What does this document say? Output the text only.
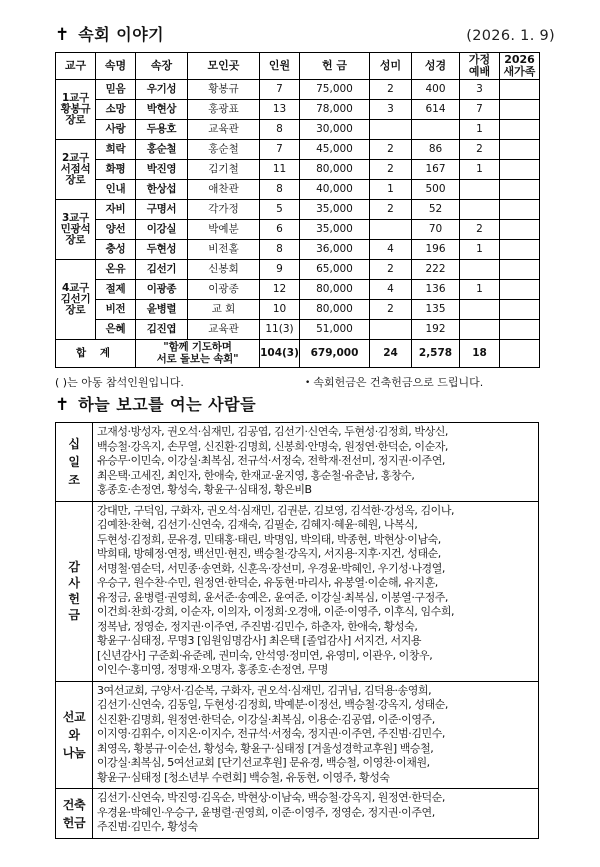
✝ 속회 이야기	(2026. 1. 9)
교구	속명	속장	모인곳	인원	헌 금	성미	성경	가정
예배

2026
새가족

1교구
황봉규
장로	믿음	우기성	황봉규	7	75,000	2	400	3	
	소망	박현상	홍광표	13	78,000	3	614	7	
	사랑	두용호	교육관	8	30,000			1	

2교구
서점석
장로	희락	홍순철	홍순철	7	45,000	2	86	2	
	화평	박진영	김기철	11	80,000	2	167	1	
	인내	한상섭	애찬관	8	40,000	1	500		

3교구
민광석
장로	자비	구명서	각가정	5	35,000	2	52		
	양선	이강실	박예분	6	35,000		70	2	
	충성	두현성	비전홀	8	36,000	4	196	1	

4교구
김선기
장로	온유	김선기	신봉회	9	65,000	2	222		
	절제	이광종	이광종	12	80,000	4	136	1	
	비전	윤병렬	교 회	10	80,000	2	135		
	은혜	김진엽	교육관	11(3)	51,000		192		
합 계		"함께 기도하며
서로 돌보는 속회"		104(3)	679,000	24	2,578	18	
( )는 아동 참석인원입니다.	• 속회헌금은 건축헌금으로 드립니다.
✝ 하늘 보고를 여는 사람들
십
일
조

고재성·방성자, 권오석·심재민, 김공엽, 김선기·신연숙, 두현성·김정희, 박상신,
백승철·강옥지, 손무열, 신진환·김명희, 신봉희·안명숙, 원정연·한덕순, 이순자,
유승무·이민숙, 이강실·최복심, 전규석·서정숙, 전학재·전선미, 정지권·이주연,
최은택·고세진, 최인자, 한애숙, 한재교·윤지영, 홍순철·유춘남, 홍창수,
홍종호·손정연, 황성숙, 황윤구·심태정, 황은비B

감
사
헌
금

강대만, 구덕임, 구화자, 권오석·심재민, 김권분, 김보영, 김석한·강성옥, 김이나,
김예찬·찬혁, 김선기·신연숙, 김재숙, 김필순, 김혜지·혜윤·혜원, 나복식,
두현성·김정희, 문유경, 민태홍·태린, 박명임, 박의태, 박종현, 박현상·이남숙,
박희태, 방혜정·연정, 백선민·현진, 백승철·강옥지, 서지용·지후·지건, 성태순,
서명철·염순덕, 서민종·송연화, 신훈옥·장선미, 우경윤·박혜인, 우기성·나경열,
우승구, 원수찬·수민, 원정연·한덕순, 유동현·마리사, 유봉열·이순해, 유지훈,
유정금, 윤병렬·권영희, 윤서준·송예은, 윤여준, 이강실·최복심, 이봉열·구정주,
이건희·찬희·강희, 이순자, 이의자, 이정희·오경애, 이준·이영주, 이후식, 임수희,
정복남, 정영순, 정지권·이주연, 주진범·김민수, 하춘자, 한애숙, 황성숙,
황윤구·심태정, 무명3 [임원임명감사] 최은택 [졸업감사] 서지건, 서지용
[신년감사] 구준회·유준례, 권미숙, 안석영·정미연, 유영미, 이관우, 이창우,
이인수·홍미영, 정명재·오명자, 홍종호·손정연, 무명

선교
와
나눔

3여선교회, 구양서·김순복, 구화자, 권오석·심재민, 김귀님, 김덕용·송영희,
김선기·신연숙, 김동일, 두현성·김정희, 박예분·이정선, 백승철·강옥지, 성태순,
신진환·김명희, 원정연·한덕순, 이강실·최복심, 이용순·김공엽, 이준·이영주,
이지영·김휘수, 이지온·이지수, 전규석·서정숙, 정지권·이주연, 주진범·김민수,
최영옥, 황봉규·이순선, 황성숙, 황윤구·심태정 [겨울성경학교후원] 백승철,
이강실·최복심, 5여선교회 [단기선교후원] 문유경, 백승철, 이영찬·이채원,
황윤구·심태정 [청소년부 수련회] 백승철, 유동현, 이영주, 황성숙

건축
헌금

김선기·신연숙, 박진영·김옥순, 박현상·이남숙, 백승철·강옥지, 원정연·한덕순,
우경윤·박혜인·우승구, 윤병렬·권영희, 이준·이영주, 정영순, 정지권·이주연,
주진범·김민수, 황성숙
